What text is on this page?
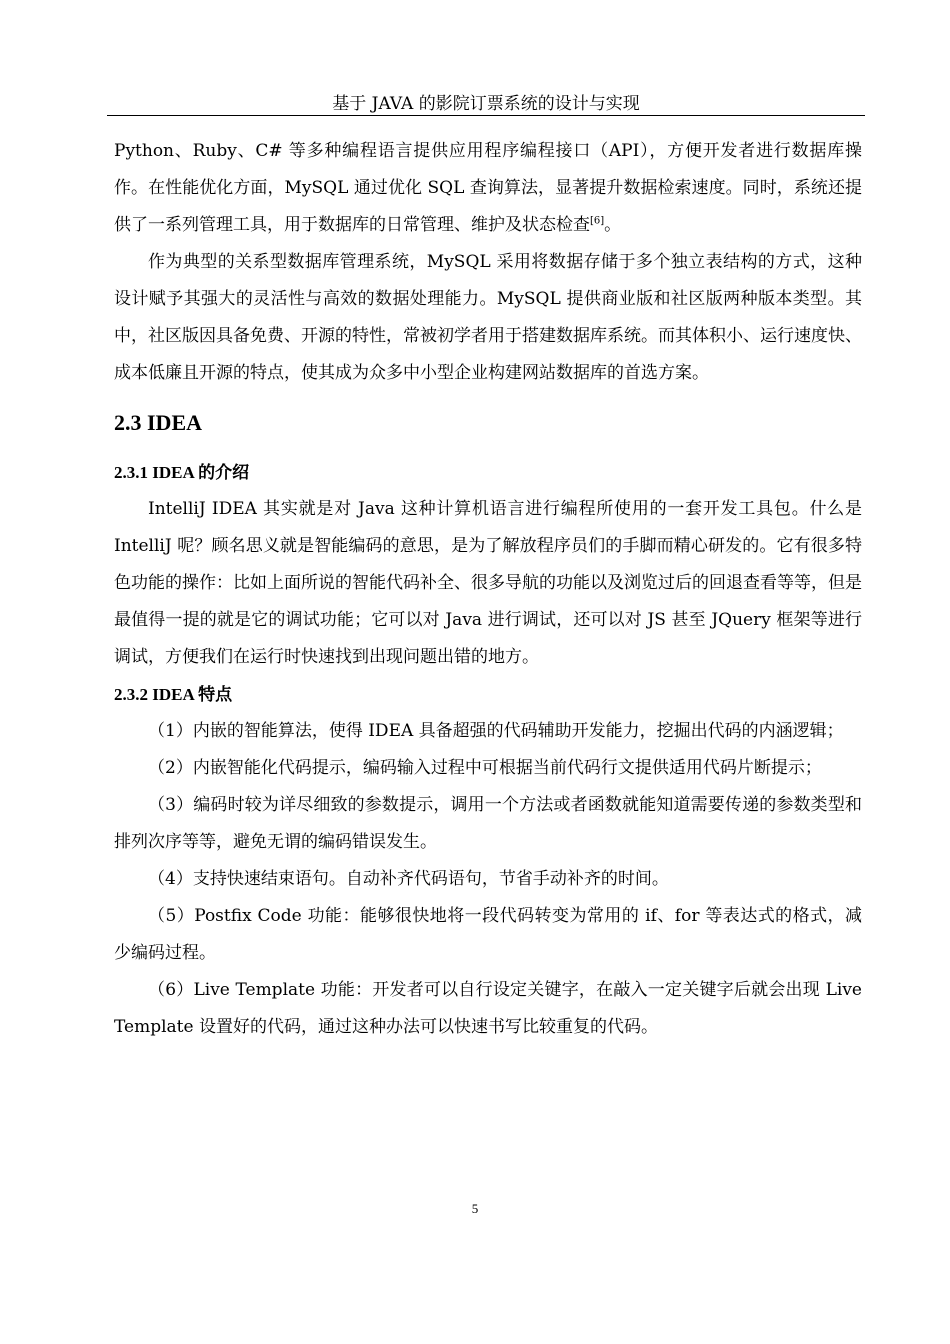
基于 JAVA 的影院订票系统的设计与实现

Python、Ruby、C# 等多种编程语言提供应用程序编程接口（API），方便开发者进行数据库操作。在性能优化方面，MySQL 通过优化 SQL 查询算法，显著提升数据检索速度。同时，系统还提供了一系列管理工具，用于数据库的日常管理、维护及状态检查[6]。

作为典型的关系型数据库管理系统，MySQL 采用将数据存储于多个独立表结构的方式，这种设计赋予其强大的灵活性与高效的数据处理能力。MySQL 提供商业版和社区版两种版本类型。其中，社区版因具备免费、开源的特性，常被初学者用于搭建数据库系统。而其体积小、运行速度快、成本低廉且开源的特点，使其成为众多中小型企业构建网站数据库的首选方案。

2.3 IDEA
2.3.1 IDEA 的介绍

IntelliJ IDEA 其实就是对 Java 这种计算机语言进行编程所使用的一套开发工具包。什么是 IntelliJ 呢？顾名思义就是智能编码的意思，是为了解放程序员们的手脚而精心研发的。它有很多特色功能的操作：比如上面所说的智能代码补全、很多导航的功能以及浏览过后的回退查看等等，但是最值得一提的就是它的调试功能；它可以对 Java 进行调试，还可以对 JS 甚至 JQuery 框架等进行调试，方便我们在运行时快速找到出现问题出错的地方。

2.3.2 IDEA 特点

（1）内嵌的智能算法，使得 IDEA 具备超强的代码辅助开发能力，挖掘出代码的内涵逻辑；

（2）内嵌智能化代码提示，编码输入过程中可根据当前代码行文提供适用代码片断提示；

（3）编码时较为详尽细致的参数提示，调用一个方法或者函数就能知道需要传递的参数类型和排列次序等等，避免无谓的编码错误发生。

（4）支持快速结束语句。自动补齐代码语句，节省手动补齐的时间。

（5）Postfix Code 功能：能够很快地将一段代码转变为常用的 if、for 等表达式的格式，减少编码过程。

（6）Live Template 功能：开发者可以自行设定关键字，在敲入一定关键字后就会出现 Live Template 设置好的代码，通过这种办法可以快速书写比较重复的代码。

5
